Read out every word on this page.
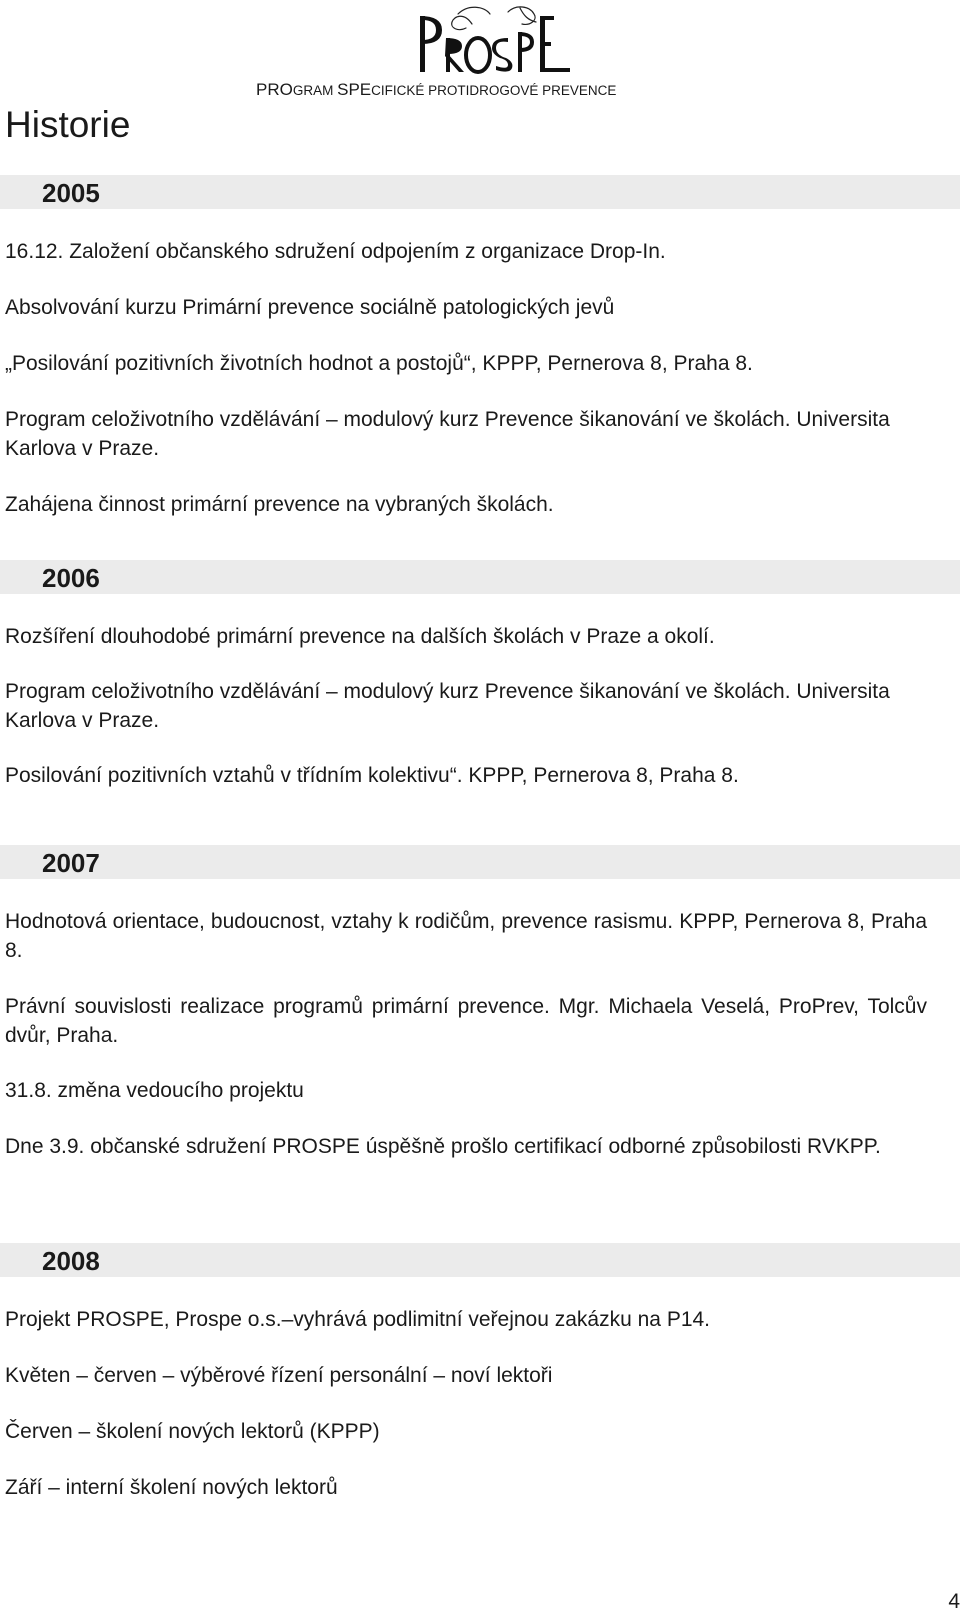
PROGRAM SPECIFICKÉ PROTIDROGOVÉ PREVENCE
Historie
2005

16.12. Založení občanského sdružení odpojením z organizace Drop-In.

Absolvování kurzu Primární prevence sociálně patologických jevů

„Posilování pozitivních životních hodnot a postojů“, KPPP, Pernerova 8, Praha 8.

Program celoživotního vzdělávání – modulový kurz Prevence šikanování ve školách. Universita Karlova v Praze.

Zahájena činnost primární prevence na vybraných školách.

2006

Rozšíření dlouhodobé primární prevence na dalších školách v Praze a okolí.

Program celoživotního vzdělávání – modulový kurz Prevence šikanování ve školách. Universita Karlova v Praze.

Posilování pozitivních vztahů v třídním kolektivu“. KPPP, Pernerova 8, Praha 8.

2007

Hodnotová orientace, budoucnost, vztahy k rodičům, prevence rasismu. KPPP, Pernerova 8, Praha 8.

Právní souvislosti realizace programů primární prevence. Mgr. Michaela Veselá, ProPrev, Tolcův dvůr, Praha.

31.8. změna vedoucího projektu

Dne 3.9. občanské sdružení PROSPE úspěšně prošlo certifikací odborné způsobilosti RVKPP.

2008

Projekt PROSPE, Prospe o.s.–vyhrává podlimitní veřejnou zakázku na P14.

Květen – červen – výběrové řízení personální – noví lektoři

Červen – školení nových lektorů (KPPP)

Září – interní školení nových lektorů

4
